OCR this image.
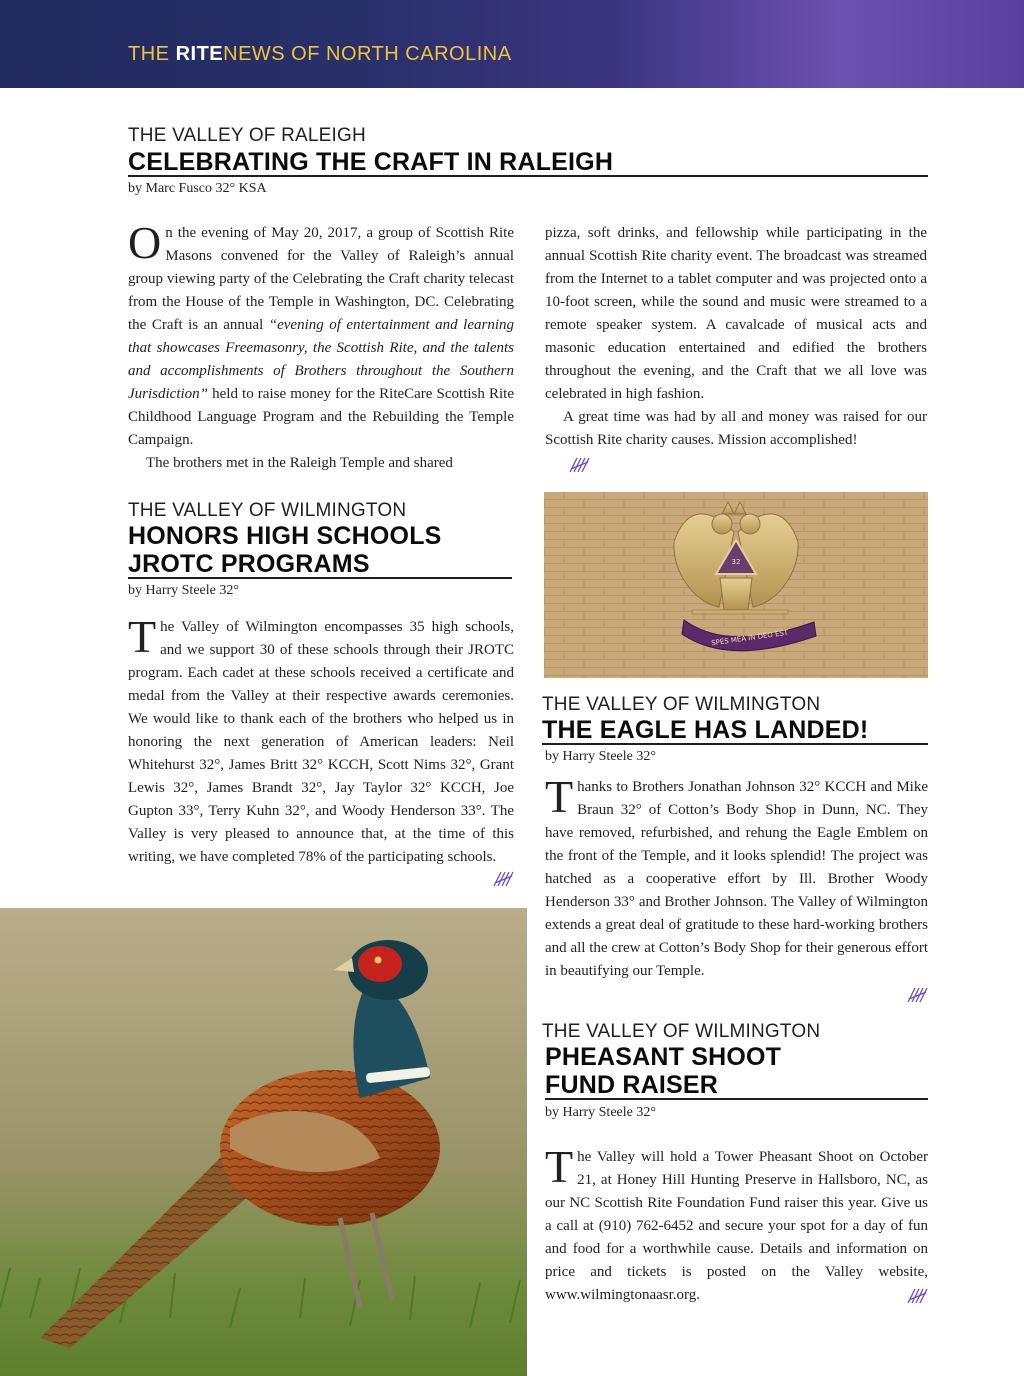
THE RITENEWS OF NORTH CAROLINA
THE VALLEY OF RALEIGH
CELEBRATING THE CRAFT IN RALEIGH
by Marc Fusco 32° KSA

On the evening of May 20, 2017, a group of Scottish Rite Masons convened for the Valley of Raleigh’s annual group viewing party of the Celebrating the Craft charity telecast from the House of the Temple in Washington, DC. Celebrating the Craft is an annual “evening of entertainment and learning that showcases Freemasonry, the Scottish Rite, and the talents and accomplishments of Brothers throughout the Southern Jurisdiction” held to raise money for the RiteCare Scottish Rite Childhood Language Program and the Rebuilding the Temple Campaign.

The brothers met in the Raleigh Temple and shared

pizza, soft drinks, and fellowship while participating in the annual Scottish Rite charity event. The broadcast was streamed from the Internet to a tablet computer and was projected onto a 10-foot screen, while the sound and music were streamed to a remote speaker system. A cavalcade of musical acts and masonic education entertained and edified the brothers throughout the evening, and the Craft that we all love was celebrated in high fashion.

A great time was had by all and money was raised for our Scottish Rite charity causes. Mission accomplished!

32
SPES MEA IN DEO EST
THE VALLEY OF WILMINGTON
HONORS HIGH SCHOOLS
JROTC PROGRAMS
by Harry Steele 32°

The Valley of Wilmington encompasses 35 high schools, and we support 30 of these schools through their JROTC program. Each cadet at these schools received a certificate and medal from the Valley at their respective awards ceremonies. We would like to thank each of the brothers who helped us in honoring the next generation of American leaders: Neil Whitehurst 32°, James Britt 32° KCCH, Scott Nims 32°, Grant Lewis 32°, James Brandt 32°, Jay Taylor 32° KCCH, Joe Gupton 33°, Terry Kuhn 32°, and Woody Henderson 33°. The Valley is very pleased to announce that, at the time of this writing, we have completed 78% of the participating schools.

THE VALLEY OF WILMINGTON
THE EAGLE HAS LANDED!
by Harry Steele 32°

Thanks to Brothers Jonathan Johnson 32° KCCH and Mike Braun 32° of Cotton’s Body Shop in Dunn, NC. They have removed, refurbished, and rehung the Eagle Emblem on the front of the Temple, and it looks splendid! The project was hatched as a cooperative effort by Ill. Brother Woody Henderson 33° and Brother Johnson. The Valley of Wilmington extends a great deal of gratitude to these hard-working brothers and all the crew at Cotton’s Body Shop for their generous effort in beautifying our Temple.

THE VALLEY OF WILMINGTON
PHEASANT SHOOT
FUND RAISER
by Harry Steele 32°

The Valley will hold a Tower Pheasant Shoot on October 21, at Honey Hill Hunting Preserve in Hallsboro, NC, as our NC Scottish Rite Foundation Fund raiser this year. Give us a call at (910) 762-6452 and secure your spot for a day of fun and food for a worthwhile cause. Details and information on price and tickets is posted on the Valley website, www.wilmingtonaasr.org.
